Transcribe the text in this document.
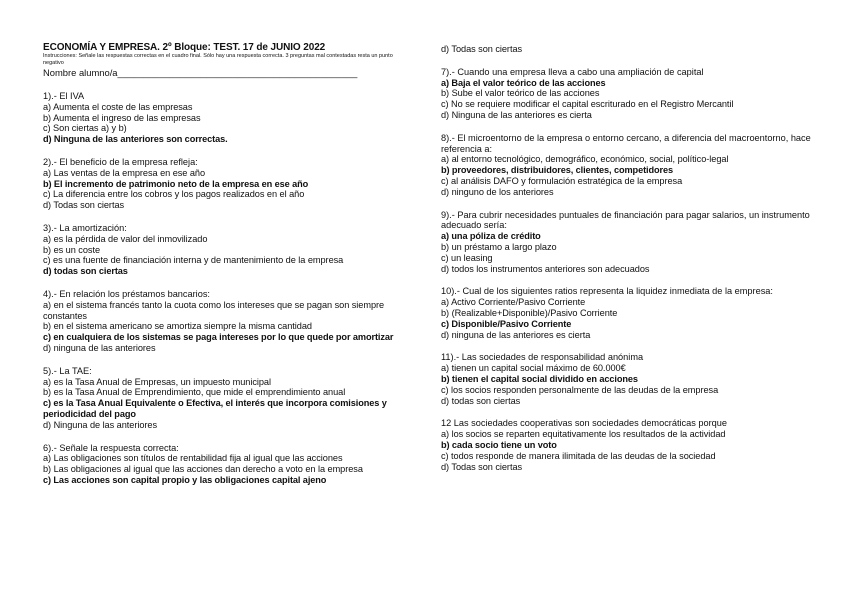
ECONOMÍA Y EMPRESA. 2º Bloque: TEST. 17 de JUNIO 2022
Instrucciones: Señale las respuestas correctas en el cuadro final. Sólo hay una respuesta correcta. 3 preguntas mal contestadas resta un punto negativo
Nombre alumno/a______________________________________________
1).- El IVA
a) Aumenta el coste de las empresas
b) Aumenta el ingreso de las empresas
c) Son ciertas a) y b)
d) Ninguna de las anteriores son correctas.
2).- El beneficio de la empresa refleja:
a) Las ventas de la empresa en ese año
b) El incremento de patrimonio neto de la empresa en ese año
c) La diferencia entre los cobros y los pagos realizados en el año
d) Todas son ciertas
3).- La amortización:
a) es la pérdida de valor del inmovilizado
b) es un coste
c) es una fuente de financiación interna y de mantenimiento de la empresa
d) todas son ciertas
4).- En relación los préstamos bancarios:
a) en el sistema francés tanto la cuota como los intereses que se pagan son siempre constantes
b) en el sistema americano se amortiza siempre la misma cantidad
c) en cualquiera de los sistemas se paga intereses por lo que quede por amortizar
d) ninguna de las anteriores
5).- La TAE:
a) es la Tasa Anual de Empresas, un impuesto municipal
b) es la Tasa Anual de Emprendimiento, que mide el emprendimiento anual
c) es la Tasa Anual Equivalente o Efectiva, el interés que incorpora comisiones y periodicidad del pago
d) Ninguna de las anteriores
6).- Señale la respuesta correcta:
a) Las obligaciones son títulos de rentabilidad fija al igual que las acciones
b) Las obligaciones al igual que las acciones dan derecho a voto en la empresa
c) Las acciones son capital propio y las obligaciones capital ajeno
d) Todas son ciertas
7).- Cuando una empresa lleva a cabo una ampliación de capital
a) Baja el valor teórico de las acciones
b) Sube el valor teórico de las acciones
c) No se requiere modificar el capital escriturado en el Registro Mercantil
d) Ninguna de las anteriores es cierta
8).- El microentorno de la empresa o entorno cercano, a diferencia del macroentorno, hace referencia a:
a) al entorno tecnológico, demográfico, económico, social, político-legal
b) proveedores, distribuidores, clientes, competidores
c) al análisis DAFO y formulación estratégica de la empresa
d) ninguno de los anteriores
9).- Para cubrir necesidades puntuales de financiación para pagar salarios, un instrumento adecuado sería:
a) una póliza de crédito
b) un préstamo a largo plazo
c) un leasing
d) todos los instrumentos anteriores son adecuados
10).- Cual de los siguientes ratios representa la liquidez inmediata de la empresa:
a) Activo Corriente/Pasivo Corriente
b) (Realizable+Disponible)/Pasivo Corriente
c) Disponible/Pasivo Corriente
d) ninguna de las anteriores es cierta
11).- Las sociedades de responsabilidad anónima
a) tienen un capital social máximo de 60.000€
b) tienen el capital social dividido en acciones
c) los socios responden personalmente de las deudas de la empresa
d) todas son ciertas
12 Las sociedades cooperativas son sociedades democráticas porque
a) los socios se reparten equitativamente los resultados de la actividad
b) cada socio tiene un voto
c) todos responde de manera ilimitada de las deudas de la sociedad
d) Todas son ciertas
